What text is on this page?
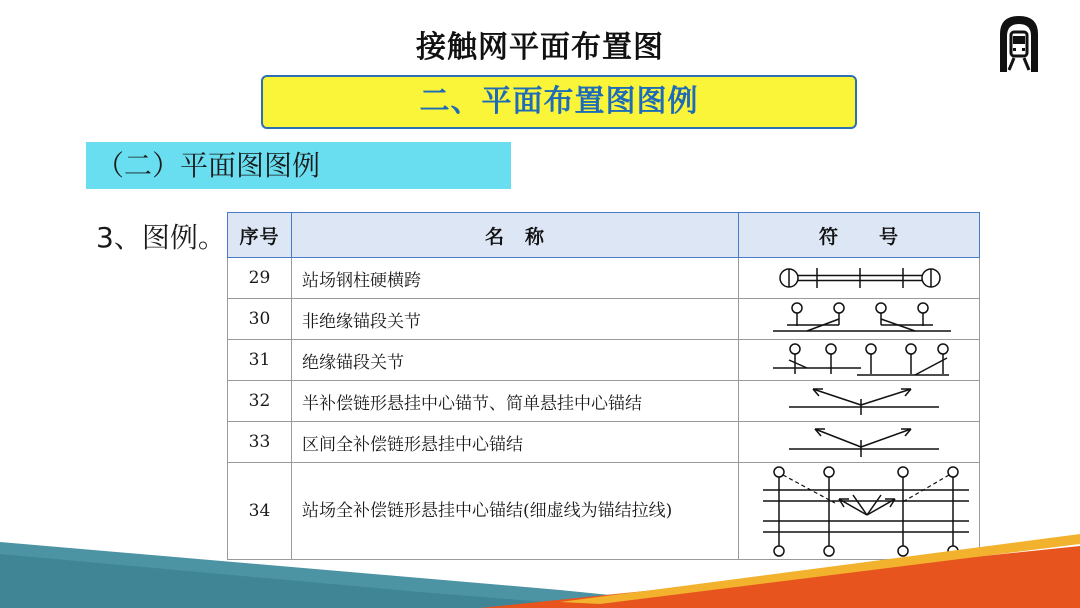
接触网平面布置图
二、平面布置图图例
（二）平面图图例
3、图例。 序号	名　称	符　　号
29	站场钢柱硬横跨	

30	非绝缘锚段关节	

31	绝缘锚段关节	

32	半补偿链形悬挂中心锚节、简单悬挂中心锚结	

33	区间全补偿链形悬挂中心锚结	

34	站场全补偿链形悬挂中心锚结(细虚线为锚结拉线)	
